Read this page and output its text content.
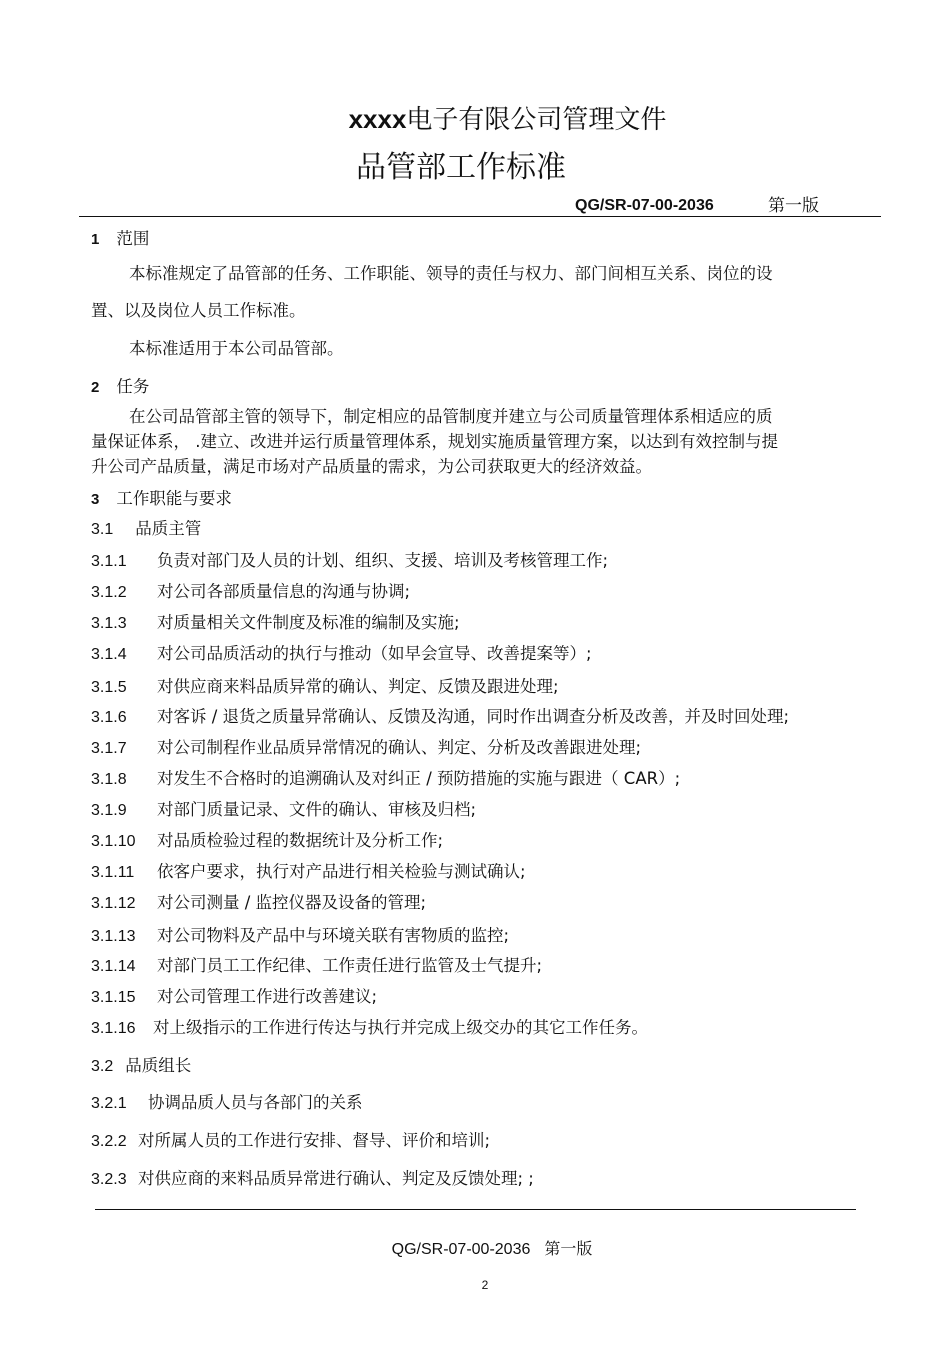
xxxx电子有限公司管理文件
品管部工作标准
QG/SR-07-00-2036	第一版
1 范围
本标准规定了品管部的任务、工作职能、领导的责任与权力、部门间相互关系、岗位的设
置、以及岗位人员工作标准。
本标准适用于本公司品管部。
2 任务
在公司品管部主管的领导下，制定相应的品管制度并建立与公司质量管理体系相适应的质
量保证体系， .建立、改进并运行质量管理体系，规划实施质量管理方案，以达到有效控制与提
升公司产品质量，满足市场对产品质量的需求，为公司获取更大的经济效益。
3 工作职能与要求
3.1 品质主管
3.1.1 负责对部门及人员的计划、组织、支援、培训及考核管理工作;
3.1.2 对公司各部质量信息的沟通与协调;
3.1.3 对质量相关文件制度及标准的编制及实施;
3.1.4 对公司品质活动的执行与推动（如早会宣导、改善提案等）;
3.1.5 对供应商来料品质异常的确认、判定、反馈及跟进处理;
3.1.6 对客诉 / 退货之质量异常确认、反馈及沟通，同时作出调查分析及改善，并及时回处理;
3.1.7 对公司制程作业品质异常情况的确认、判定、分析及改善跟进处理;
3.1.8 对发生不合格时的追溯确认及对纠正 / 预防措施的实施与跟进（ CAR）;
3.1.9 对部门质量记录、文件的确认、审核及归档;
3.1.10 对品质检验过程的数据统计及分析工作;
3.1.11 依客户要求，执行对产品进行相关检验与测试确认;
3.1.12 对公司测量 / 监控仪器及设备的管理;
3.1.13 对公司物料及产品中与环境关联有害物质的监控;
3.1.14 对部门员工工作纪律、工作责任进行监管及士气提升;
3.1.15 对公司管理工作进行改善建议;
3.1.16 对上级指示的工作进行传达与执行并完成上级交办的其它工作任务。
3.2 品质组长
3.2.1 协调品质人员与各部门的关系
3.2.2 对所属人员的工作进行安排、督导、评价和培训;
3.2.3 对供应商的来料品质异常进行确认、判定及反馈处理; ;
QG/SR-07-00-2036 第一版
2
